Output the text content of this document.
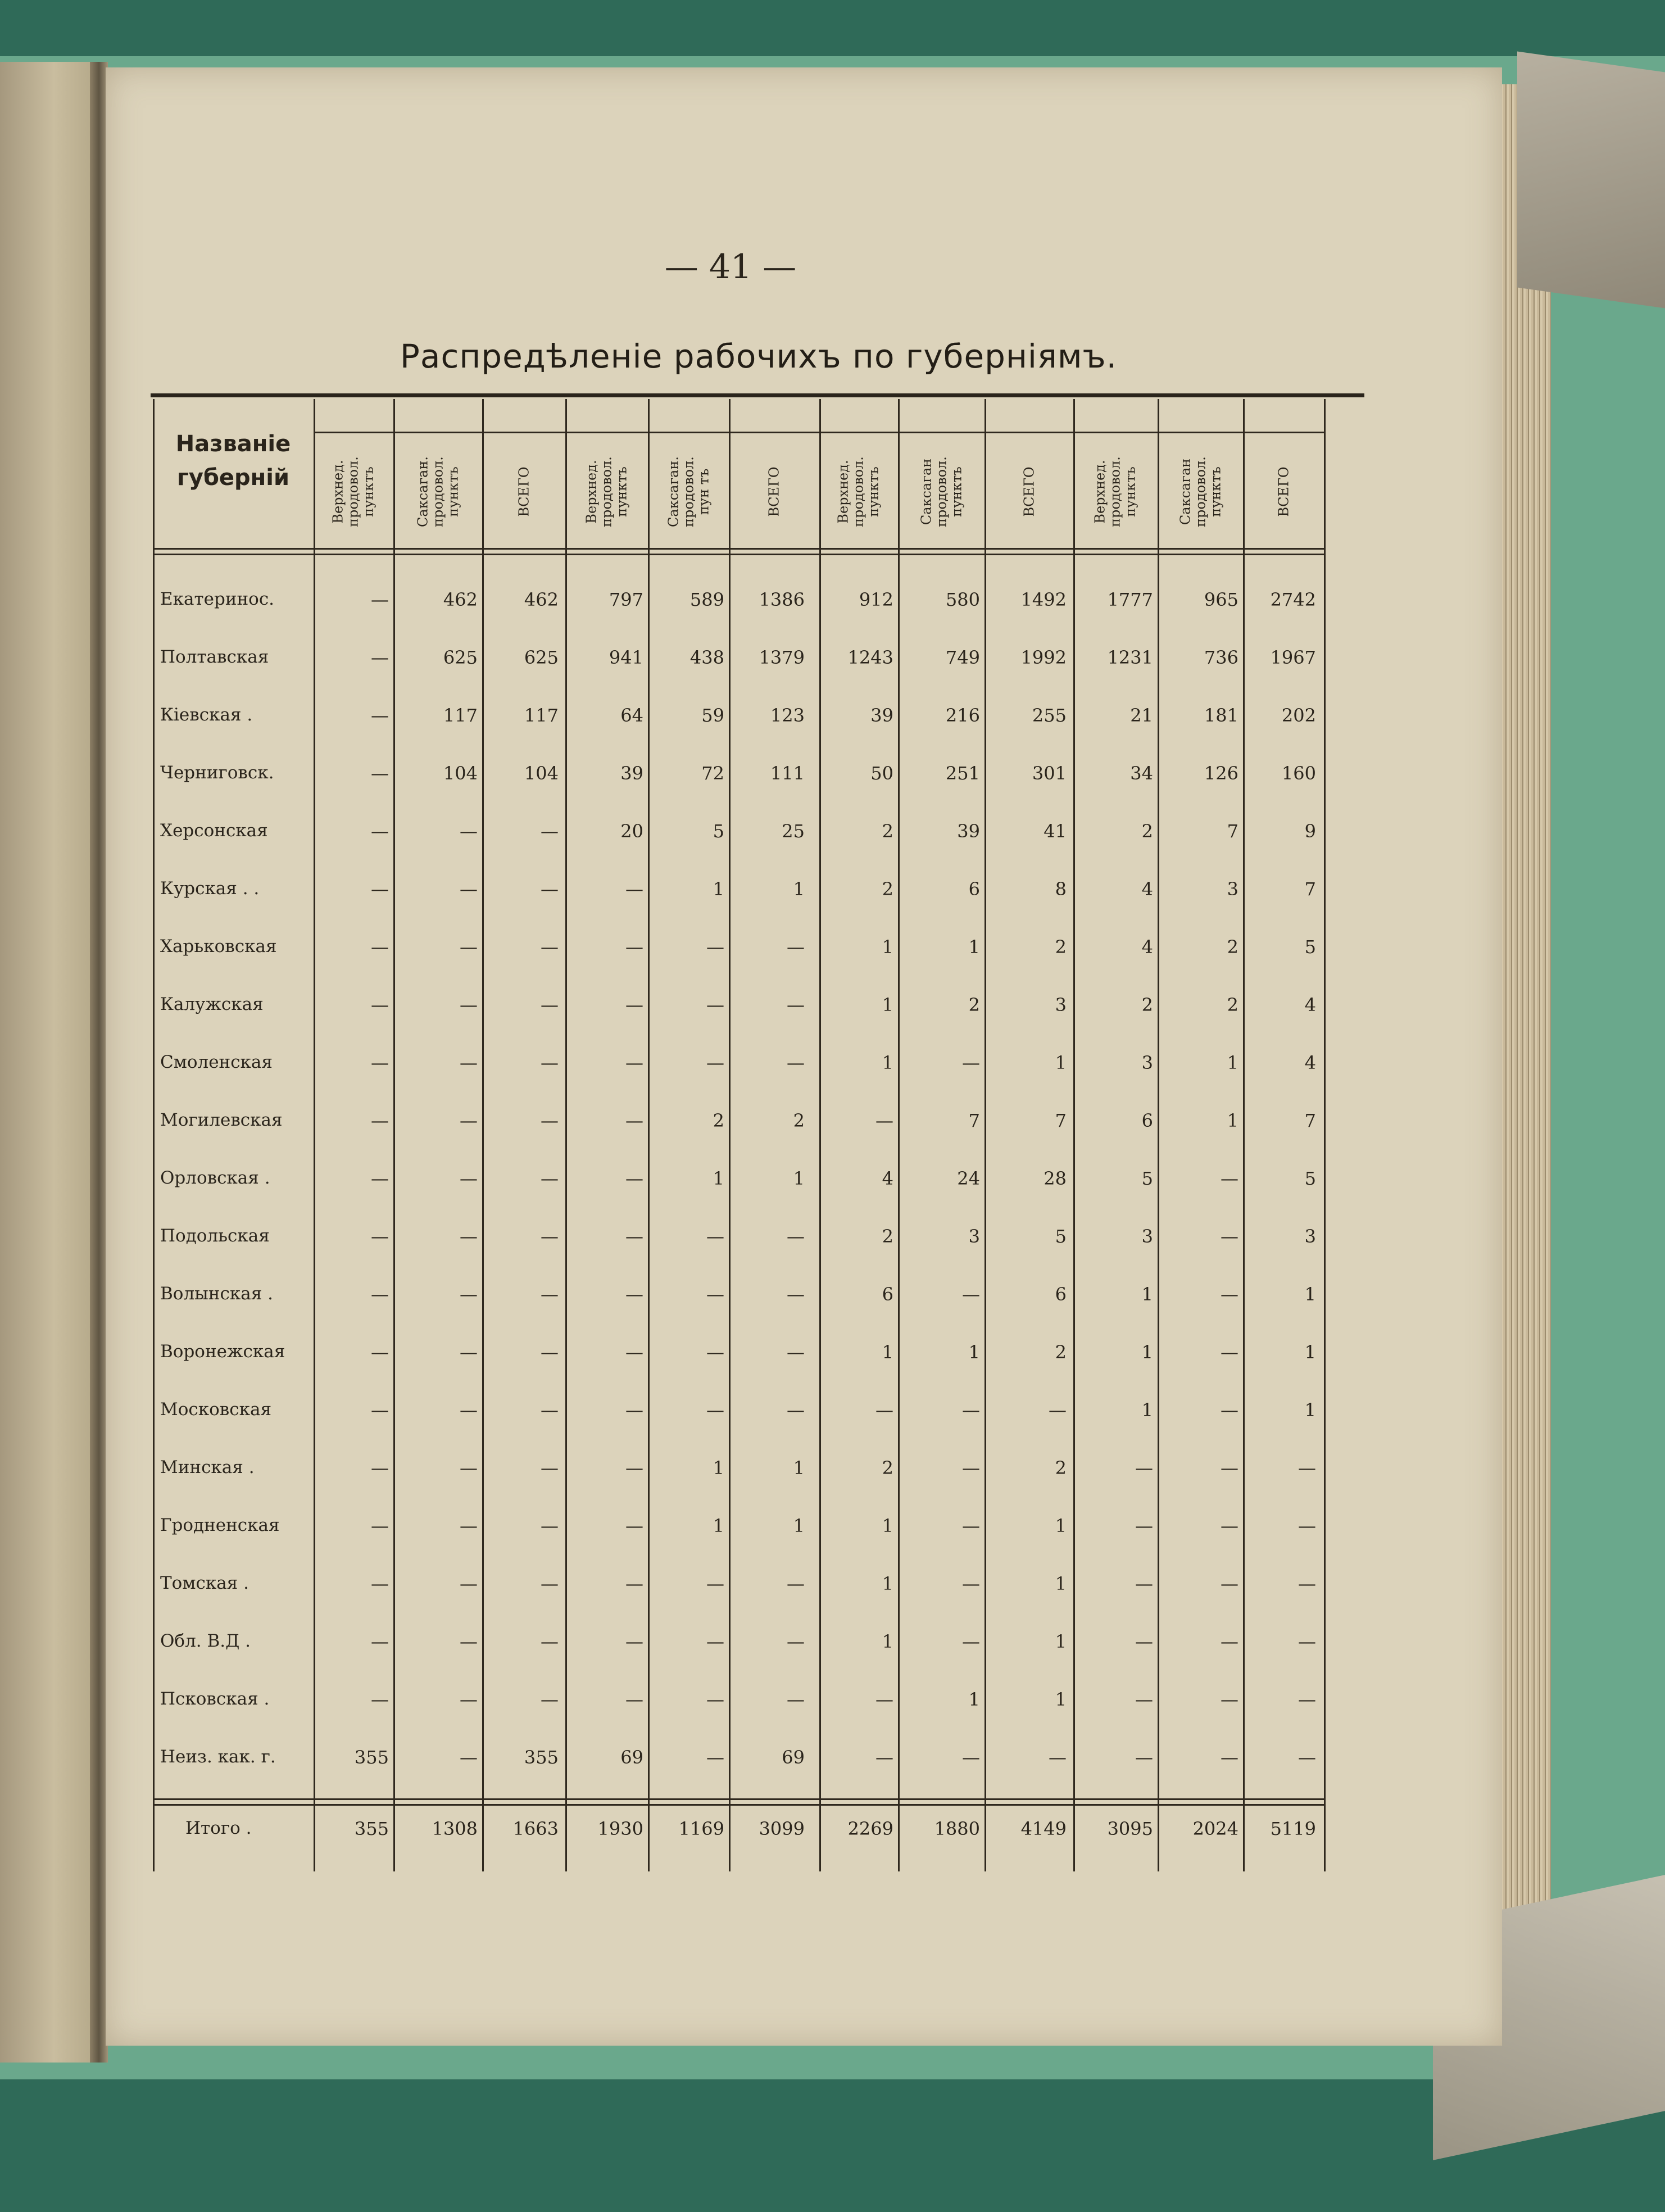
— 41 —
Распредѣленіе рабочихъ по губерніямъ.
Названіе губерній	Верхнед.
продовол.
пунктъ	Саксаган.
продовол.
пунктъ	ВСЕГО	Верхнед.
продовол.
пунктъ	Саксаган.
продовол.
пун тъ	ВСЕГО	Верхнед.
продовол.
пунктъ	Саксаган
продовол.
пунктъ	ВСЕГО	Верхнед.
продовол.
пунктъ	Саксаган
продовол.
пунктъ	ВСЕГО
Екатеринос.	—	462	462	797	589	1386	912	580	1492	1777	965	2742
Полтавская	—	625	625	941	438	1379	1243	749	1992	1231	736	1967
Кіевская .	—	117	117	64	59	123	39	216	255	21	181	202
Черниговск.	—	104	104	39	72	111	50	251	301	34	126	160
Херсонская	—	—	—	20	5	25	2	39	41	2	7	9
Курская . .	—	—	—	—	1	1	2	6	8	4	3	7
Харьковская	—	—	—	—	—	—	1	1	2	4	2	5
Калужская	—	—	—	—	—	—	1	2	3	2	2	4
Смоленская	—	—	—	—	—	—	1	—	1	3	1	4
Могилевская	—	—	—	—	2	2	—	7	7	6	1	7
Орловская .	—	—	—	—	1	1	4	24	28	5	—	5
Подольская	—	—	—	—	—	—	2	3	5	3	—	3
Волынская .	—	—	—	—	—	—	6	—	6	1	—	1
Воронежская	—	—	—	—	—	—	1	1	2	1	—	1
Московская	—	—	—	—	—	—	—	—	—	1	—	1
Минская .	—	—	—	—	1	1	2	—	2	—	—	—
Гродненская	—	—	—	—	1	1	1	—	1	—	—	—
Томская .	—	—	—	—	—	—	1	—	1	—	—	—
Обл. В.Д .	—	—	—	—	—	—	1	—	1	—	—	—
Псковская .	—	—	—	—	—	—	—	1	1	—	—	—
Неиз. как. г.	355	—	355	69	—	69	—	—	—	—	—	—
Итого .	355	1308	1663	1930	1169	3099	2269	1880	4149	3095	2024	5119
